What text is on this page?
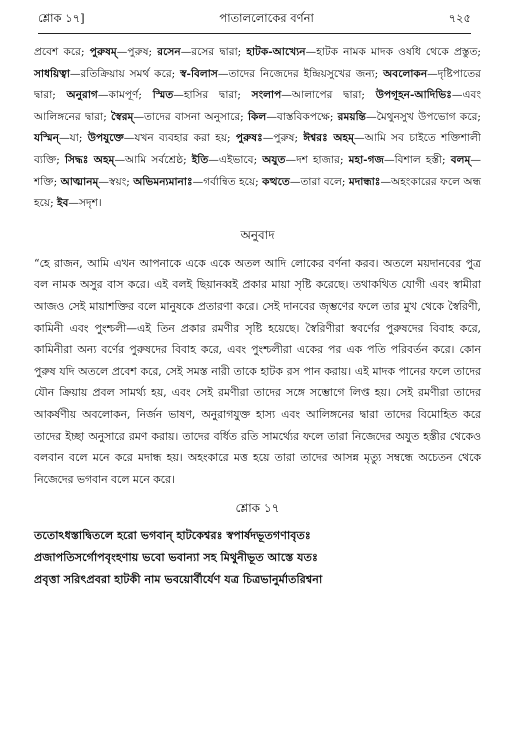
শ্লোক ১৭]	পাতাললোকের বর্ণনা	৭২৫

প্রবেশ করে; পুরুষম্—পুরুষ; রসেন—রসের দ্বারা; হাটক-আখ্যেন—হাটক নামক মাদক ওষধি থেকে প্রস্তুত; সাধয়িত্বা—রতিক্রিয়ায় সমর্থ করে; স্ব-বিলাস—তাদের নিজেদের ইন্দ্রিয়সুখের জন্য; অবলোকন—দৃষ্টিপাতের দ্বারা; অনুরাগ—কামপূর্ণ; স্মিত—হাসির দ্বারা; সংলাপ—আলাপের দ্বারা; উপগূহন-আদিভিঃ—এবং আলিঙ্গনের দ্বারা; স্বৈরম্—তাদের বাসনা অনুসারে; কিল—বাস্তবিকপক্ষে; রময়ন্তি—মৈথুনসুখ উপভোগ করে; যস্মিন্—যা; উপযুক্তে—যখন ব্যবহার করা হয়; পুরুষঃ—পুরুষ; ঈশ্বরঃ অহম্—আমি সব চাইতে শক্তিশালী ব্যক্তি; সিদ্ধঃ অহম্—আমি সর্বশ্রেষ্ঠ; ইতি—এইভাবে; অযুত—দশ হাজার; মহা-গজ—বিশাল হস্তী; বলম্—শক্তি; আত্মানম্—স্বয়ং; অভিমন্যমানাঃ—গর্বান্বিত হয়ে; কত্থতে—তারা বলে; মদান্ধাঃ—অহংকারের ফলে অন্ধ হয়ে; ইব—সদৃশ।

অনুবাদ

“হে রাজন, আমি এখন আপনাকে একে একে অতল আদি লোকের বর্ণনা করব। অতলে ময়দানবের পুত্র বল নামক অসুর বাস করে। এই বলই ছিয়ানব্বই প্রকার মায়া সৃষ্টি করেছে। তথাকথিত যোগী এবং স্বামীরা আজও সেই মায়াশক্তির বলে মানুষকে প্রতারণা করে। সেই দানবের জৃম্ভণের ফলে তার মুখ থেকে স্বৈরিণী, কামিনী এবং পুংশ্চলী—এই তিন প্রকার রমণীর সৃষ্টি হয়েছে। স্বৈরিণীরা স্ববর্ণের পুরুষদের বিবাহ করে, কামিনীরা অন্য বর্ণের পুরুষদের বিবাহ করে, এবং পুংশ্চলীরা একের পর এক পতি পরিবর্তন করে। কোন পুরুষ যদি অতলে প্রবেশ করে, সেই সমস্ত নারী তাকে হাটক রস পান করায়। এই মাদক পানের ফলে তাদের যৌন ক্রিয়ায় প্রবল সামর্থ্য হয়, এবং সেই রমণীরা তাদের সঙ্গে সম্ভোগে লিপ্ত হয়। সেই রমণীরা তাদের আকর্ষণীয় অবলোকন, নির্জন ভাষণ, অনুরাগযুক্ত হাস্য এবং আলিঙ্গনের দ্বারা তাদের বিমোহিত করে তাদের ইচ্ছা অনুসারে রমণ করায়। তাদের বর্ধিত রতি সামর্থ্যের ফলে তারা নিজেদের অযুত হস্তীর থেকেও বলবান বলে মনে করে মদান্ধ হয়। অহংকারে মত্ত হয়ে তারা তাদের আসন্ন মৃত্যু সম্বন্ধে অচেতন থেকে নিজেদের ভগবান বলে মনে করে।

শ্লোক ১৭

ততোঽধস্তাদ্বিতলে হরো ভগবান্ হাটকেশ্বরঃ স্বপার্ষদভূতগণাবৃতঃ
প্রজাপতিসর্গোপবৃংহণায় ভবো ভবান্যা সহ মিথুনীভূত আস্তে যতঃ
প্রবৃত্তা সরিৎপ্রবরা হাটকী নাম ভবয়োর্বীর্যেণ যত্র চিত্রভানুর্মাতরিশ্বনা
